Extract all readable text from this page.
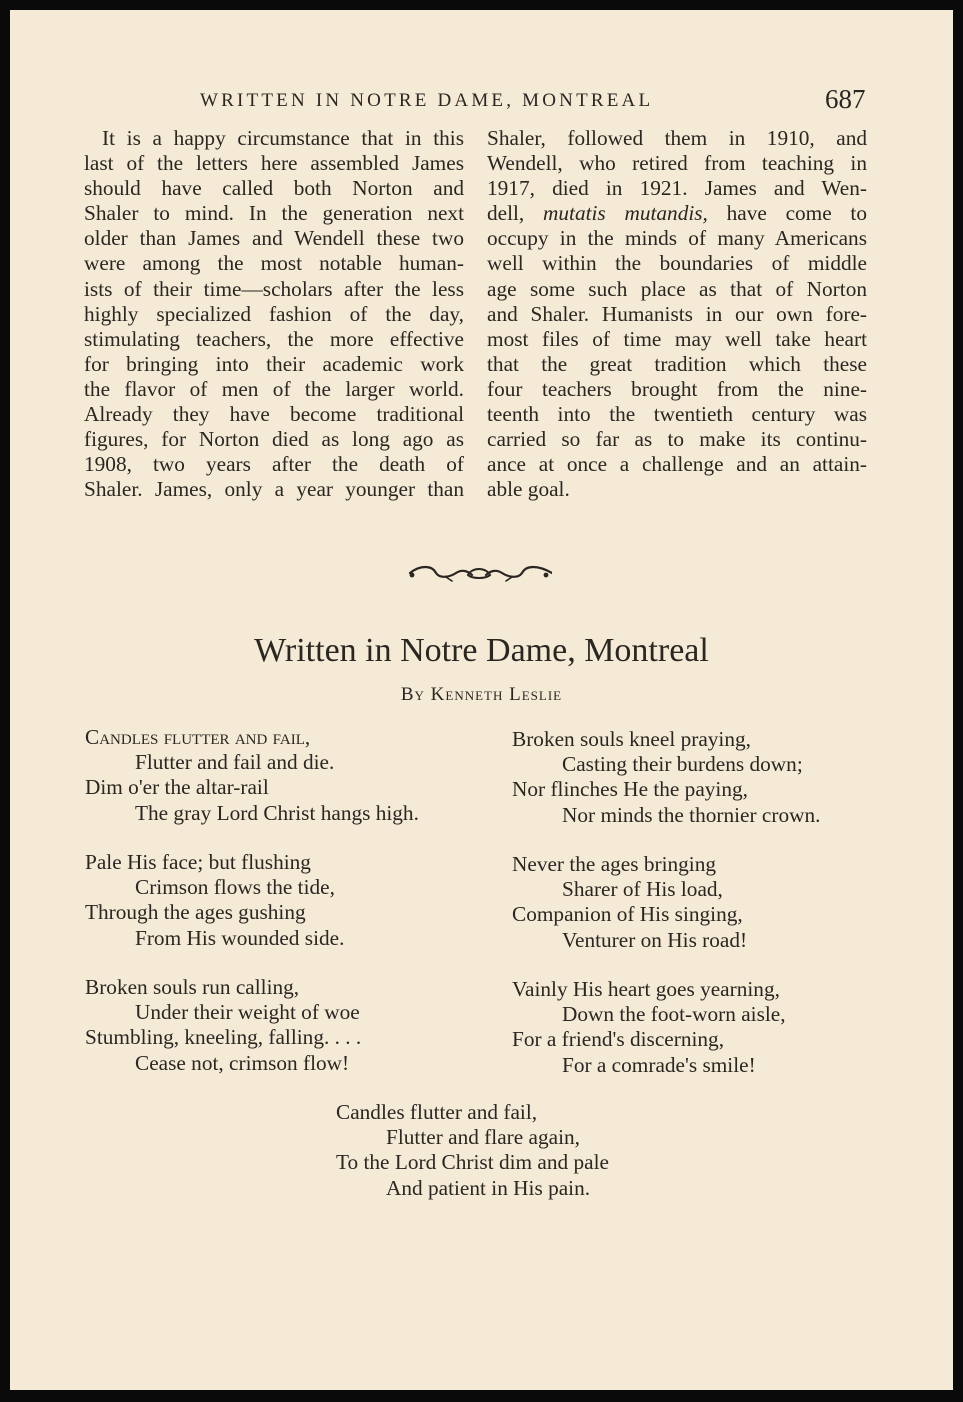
WRITTEN IN NOTRE DAME, MONTREAL	687
It is a happy circumstance that in this
last of the letters here assembled James
should have called both Norton and
Shaler to mind. In the generation next
older than James and Wendell these two
were among the most notable human-
ists of their time—scholars after the less
highly specialized fashion of the day,
stimulating teachers, the more effective
for bringing into their academic work
the flavor of men of the larger world.
Already they have become traditional
figures, for Norton died as long ago as
1908, two years after the death of
Shaler. James, only a year younger than
Shaler, followed them in 1910, and
Wendell, who retired from teaching in
1917, died in 1921. James and Wen-
dell, mutatis mutandis, have come to
occupy in the minds of many Americans
well within the boundaries of middle
age some such place as that of Norton
and Shaler. Humanists in our own fore-
most files of time may well take heart
that the great tradition which these
four teachers brought from the nine-
teenth into the twentieth century was
carried so far as to make its continu-
ance at once a challenge and an attain-
able goal.
Written in Notre Dame, Montreal
By Kenneth Leslie
Candles flutter and fail,
Flutter and fail and die.
Dim o'er the altar-rail
The gray Lord Christ hangs high.
Pale His face; but flushing
Crimson flows the tide,
Through the ages gushing
From His wounded side.
Broken souls run calling,
Under their weight of woe
Stumbling, kneeling, falling. . . .
Cease not, crimson flow!
Broken souls kneel praying,
Casting their burdens down;
Nor flinches He the paying,
Nor minds the thornier crown.
Never the ages bringing
Sharer of His load,
Companion of His singing,
Venturer on His road!
Vainly His heart goes yearning,
Down the foot-worn aisle,
For a friend's discerning,
For a comrade's smile!
Candles flutter and fail,
Flutter and flare again,
To the Lord Christ dim and pale
And patient in His pain.
